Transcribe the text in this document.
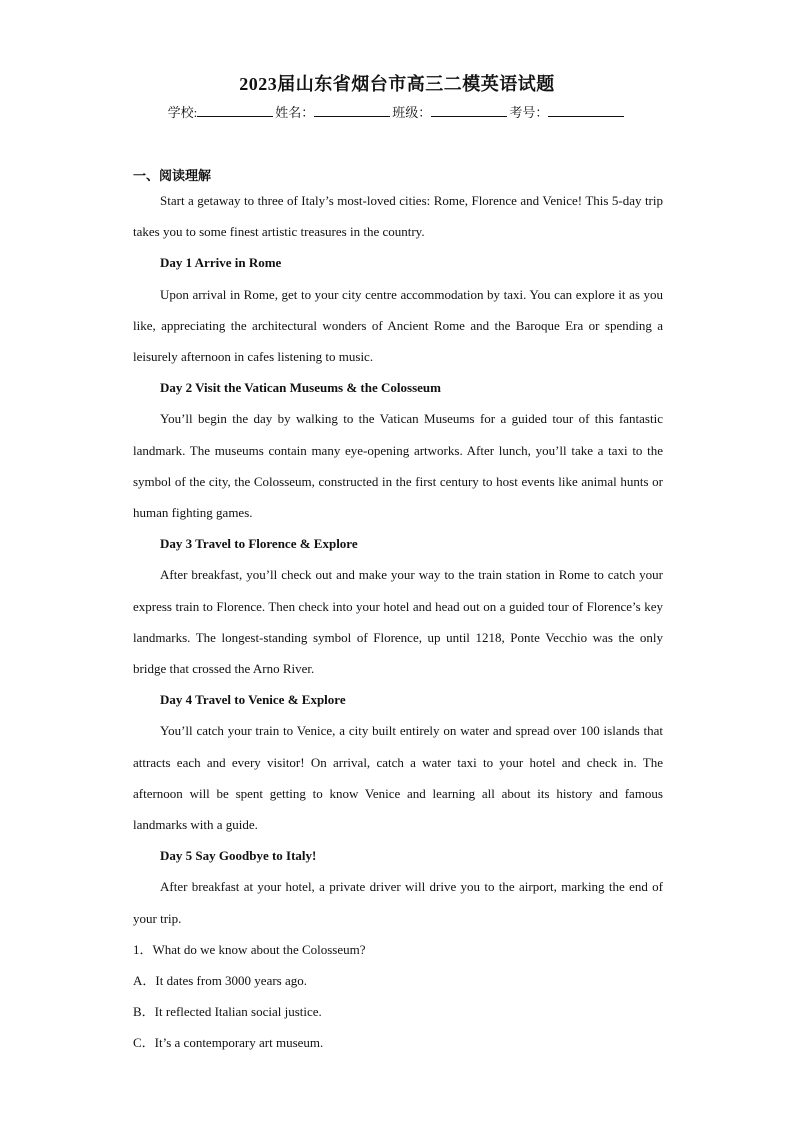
2023届山东省烟台市高三二模英语试题
学校:	姓名：	班级：	考号：
一、阅读理解

Start a getaway to three of Italy’s most-loved cities: Rome, Florence and Venice! This 5-day trip takes you to some finest artistic treasures in the country.

Day 1 Arrive in Rome

Upon arrival in Rome, get to your city centre accommodation by taxi. You can explore it as you like, appreciating the architectural wonders of Ancient Rome and the Baroque Era or spending a leisurely afternoon in cafes listening to music.

Day 2 Visit the Vatican Museums & the Colosseum

You’ll begin the day by walking to the Vatican Museums for a guided tour of this fantastic landmark. The museums contain many eye-opening artworks. After lunch, you’ll take a taxi to the symbol of the city, the Colosseum, constructed in the first century to host events like animal hunts or human fighting games.

Day 3 Travel to Florence & Explore

After breakfast, you’ll check out and make your way to the train station in Rome to catch your express train to Florence. Then check into your hotel and head out on a guided tour of Florence’s key landmarks. The longest-standing symbol of Florence, up until 1218, Ponte Vecchio was the only bridge that crossed the Arno River.

Day 4 Travel to Venice & Explore

You’ll catch your train to Venice, a city built entirely on water and spread over 100 islands that attracts each and every visitor! On arrival, catch a water taxi to your hotel and check in. The afternoon will be spent getting to know Venice and learning all about its history and famous landmarks with a guide.

Day 5 Say Goodbye to Italy!

After breakfast at your hotel, a private driver will drive you to the airport, marking the end of your trip.

1．What do we know about the Colosseum?

A．It dates from 3000 years ago.

B．It reflected Italian social justice.

C．It’s a contemporary art museum.
